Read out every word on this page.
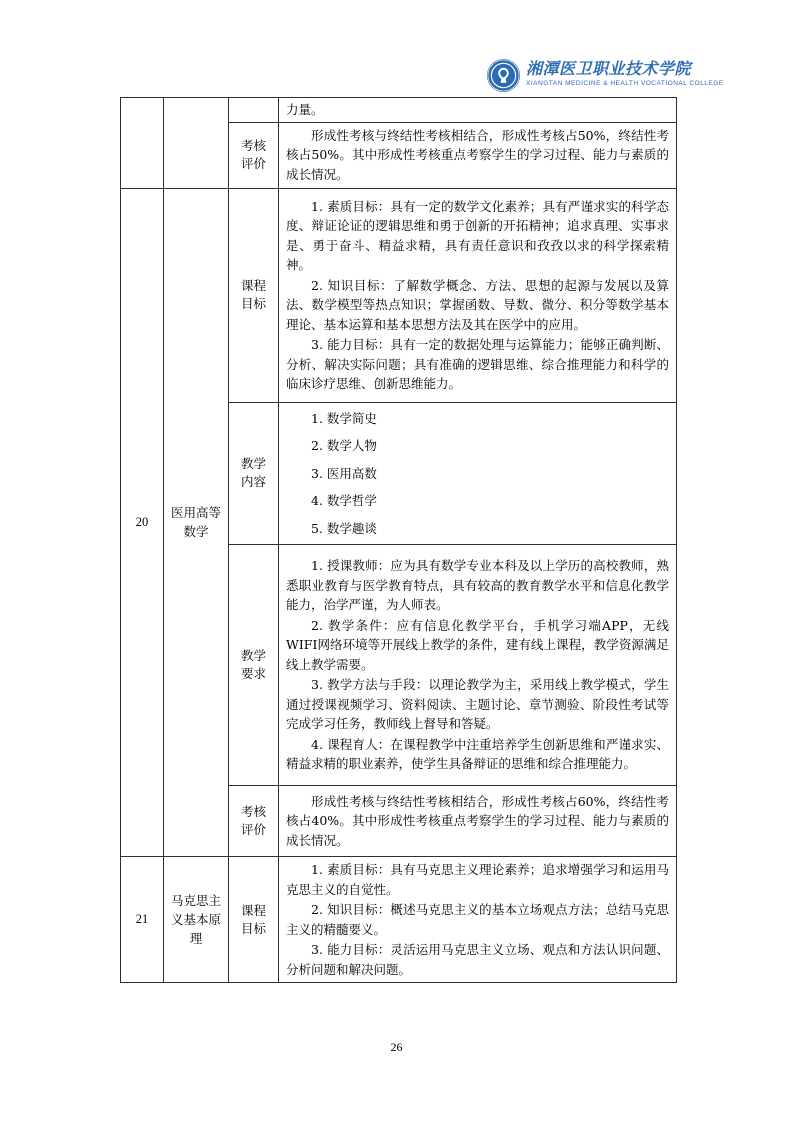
湘潭医卫职业技术学院
XIANGTAN MEDICINE & HEALTH VOCATIONAL COLLEGE

			力量。

		考核评价	形成性考核与终结性考核相结合，形成性考核占50%，终结性考核占50%。其中形成性考核重点考察学生的学习过程、能力与素质的成长情况。

20	医用高等数学	课程目标	1. 素质目标：具有一定的数学文化素养；具有严谨求实的科学态度、辩证论证的逻辑思维和勇于创新的开拓精神；追求真理、实事求是、勇于奋斗、精益求精，具有责任意识和孜孜以求的科学探索精神。

2. 知识目标：了解数学概念、方法、思想的起源与发展以及算法、数学模型等热点知识；掌握函数、导数、微分、积分等数学基本理论、基本运算和基本思想方法及其在医学中的应用。

3. 能力目标：具有一定的数据处理与运算能力；能够正确判断、分析、解决实际问题；具有准确的逻辑思维、综合推理能力和科学的临床诊疗思维、创新思维能力。

		教学内容	1. 数学简史

2. 数学人物

3. 医用高数

4. 数学哲学

5. 数学趣谈

		教学要求	1. 授课教师：应为具有数学专业本科及以上学历的高校教师，熟悉职业教育与医学教育特点，具有较高的教育教学水平和信息化教学能力，治学严谨，为人师表。

2. 教学条件：应有信息化教学平台，手机学习端APP，无线WIFI网络环境等开展线上教学的条件，建有线上课程，教学资源满足线上教学需要。

3. 教学方法与手段：以理论教学为主，采用线上教学模式，学生通过授课视频学习、资料阅读、主题讨论、章节测验、阶段性考试等完成学习任务，教师线上督导和答疑。

4. 课程育人：在课程教学中注重培养学生创新思维和严谨求实、精益求精的职业素养，使学生具备辩证的思维和综合推理能力。

		考核评价	形成性考核与终结性考核相结合，形成性考核占60%，终结性考核占40%。其中形成性考核重点考察学生的学习过程、能力与素质的成长情况。

21	马克思主义基本原理	课程目标	1. 素质目标：具有马克思主义理论素养；追求增强学习和运用马克思主义的自觉性。

2. 知识目标：概述马克思主义的基本立场观点方法；总结马克思主义的精髓要义。

3. 能力目标：灵活运用马克思主义立场、观点和方法认识问题、分析问题和解决问题。

26
